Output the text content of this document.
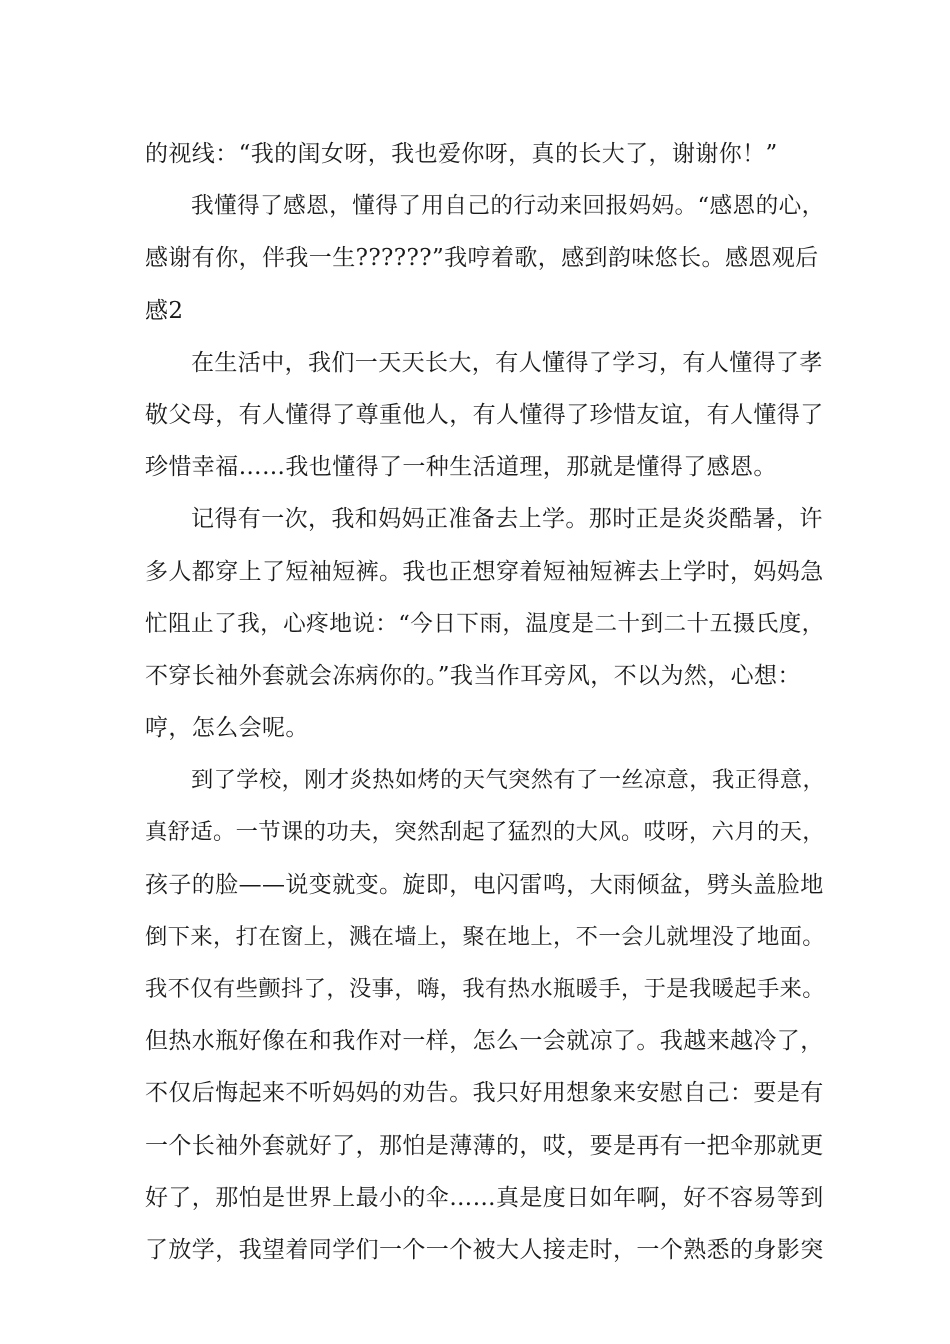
的视线：“我的闺女呀，我也爱你呀，真的长大了，谢谢你！”
我懂得了感恩，懂得了用自己的行动来回报妈妈。“感恩的心，
感谢有你，伴我一生??????”我哼着歌，感到韵味悠长。感恩观后
感2
在生活中，我们一天天长大，有人懂得了学习，有人懂得了孝
敬父母，有人懂得了尊重他人，有人懂得了珍惜友谊，有人懂得了
珍惜幸福……我也懂得了一种生活道理，那就是懂得了感恩。
记得有一次，我和妈妈正准备去上学。那时正是炎炎酷暑，许
多人都穿上了短袖短裤。我也正想穿着短袖短裤去上学时，妈妈急
忙阻止了我，心疼地说：“今日下雨，温度是二十到二十五摄氏度，
不穿长袖外套就会冻病你的。”我当作耳旁风，不以为然，心想：
哼，怎么会呢。
到了学校，刚才炎热如烤的天气突然有了一丝凉意，我正得意，
真舒适。一节课的功夫，突然刮起了猛烈的大风。哎呀，六月的天，
孩子的脸——说变就变。旋即，电闪雷鸣，大雨倾盆，劈头盖脸地
倒下来，打在窗上，溅在墙上，聚在地上，不一会儿就埋没了地面。
我不仅有些颤抖了，没事，嗨，我有热水瓶暖手，于是我暖起手来。
但热水瓶好像在和我作对一样，怎么一会就凉了。我越来越冷了，
不仅后悔起来不听妈妈的劝告。我只好用想象来安慰自己：要是有
一个长袖外套就好了，那怕是薄薄的，哎，要是再有一把伞那就更
好了，那怕是世界上最小的伞……真是度日如年啊，好不容易等到
了放学，我望着同学们一个一个被大人接走时，一个熟悉的身影突
